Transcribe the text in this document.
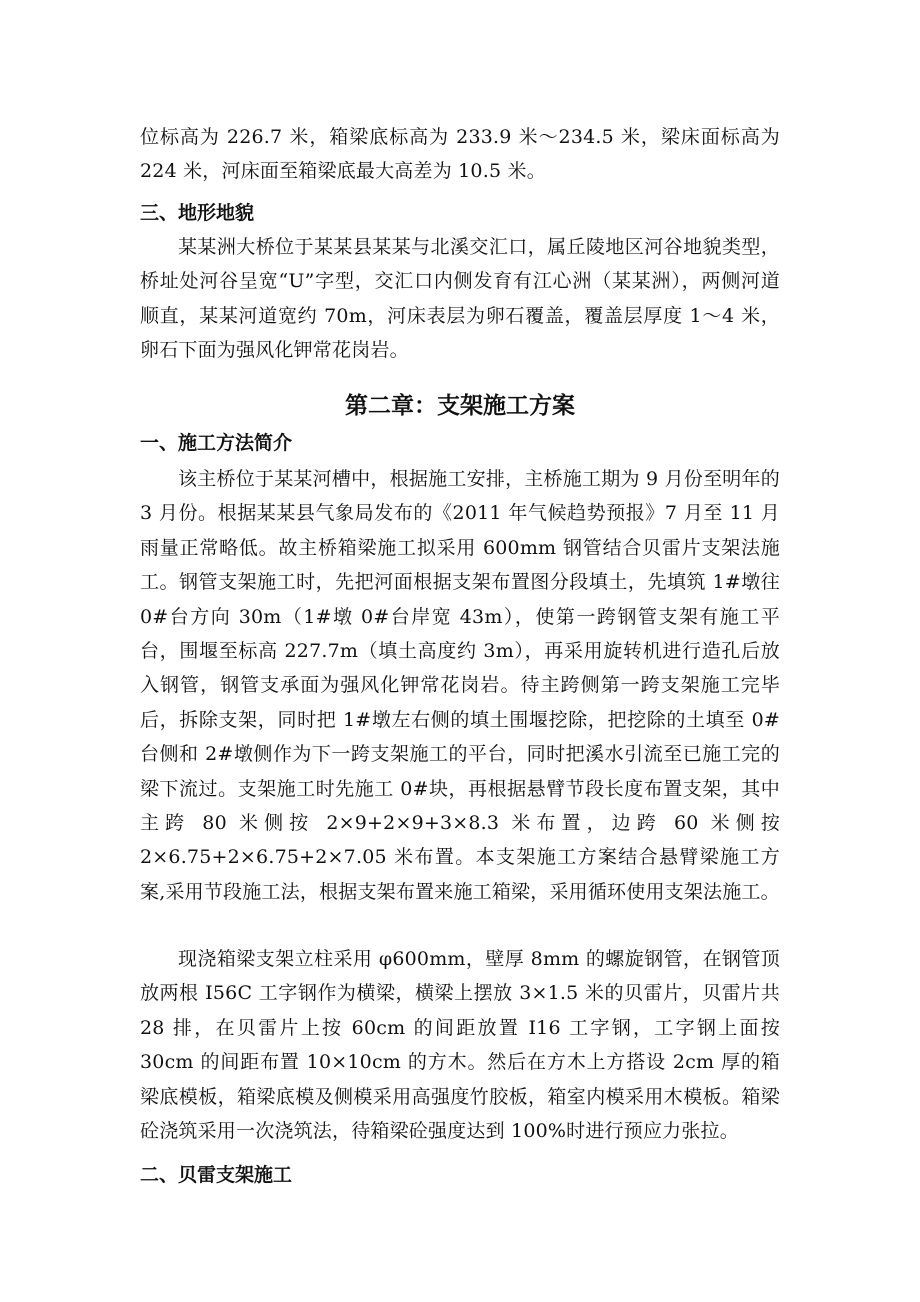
位标高为 226.7 米，箱梁底标高为 233.9 米～234.5 米，梁床面标高为 224 米，河床面至箱梁底最大高差为 10.5 米。

三、地形地貌

某某洲大桥位于某某县某某与北溪交汇口，属丘陵地区河谷地貌类型，桥址处河谷呈宽“U”字型，交汇口内侧发育有江心洲（某某洲），两侧河道顺直，某某河道宽约 70m，河床表层为卵石覆盖，覆盖层厚度 1～4 米，卵石下面为强风化钾常花岗岩。

第二章：支架施工方案

一、施工方法简介

该主桥位于某某河槽中，根据施工安排，主桥施工期为 9 月份至明年的 3 月份。根据某某县气象局发布的《2011 年气候趋势预报》7 月至 11 月雨量正常略低。故主桥箱梁施工拟采用 600mm 钢管结合贝雷片支架法施工。钢管支架施工时，先把河面根据支架布置图分段填土，先填筑 1#墩往 0#台方向 30m（1#墩 0#台岸宽 43m），使第一跨钢管支架有施工平台，围堰至标高 227.7m（填土高度约 3m），再采用旋转机进行造孔后放入钢管，钢管支承面为强风化钾常花岗岩。待主跨侧第一跨支架施工完毕后，拆除支架，同时把 1#墩左右侧的填土围堰挖除，把挖除的土填至 0#台侧和 2#墩侧作为下一跨支架施工的平台，同时把溪水引流至已施工完的梁下流过。支架施工时先施工 0#块，再根据悬臂节段长度布置支架，其中主跨 80 米侧按 2×9+2×9+3×8.3 米布置，边跨 60 米侧按 2×6.75+2×6.75+2×7.05 米布置。本支架施工方案结合悬臂梁施工方案,采用节段施工法，根据支架布置来施工箱梁，采用循环使用支架法施工。

现浇箱梁支架立柱采用 φ600mm，壁厚 8mm 的螺旋钢管，在钢管顶放两根 I56C 工字钢作为横梁，横梁上摆放 3×1.5 米的贝雷片，贝雷片共 28 排，在贝雷片上按 60cm 的间距放置 I16 工字钢，工字钢上面按 30cm 的间距布置 10×10cm 的方木。然后在方木上方搭设 2cm 厚的箱梁底模板，箱梁底模及侧模采用高强度竹胶板，箱室内模采用木模板。箱梁砼浇筑采用一次浇筑法，待箱梁砼强度达到 100%时进行预应力张拉。

二、贝雷支架施工
